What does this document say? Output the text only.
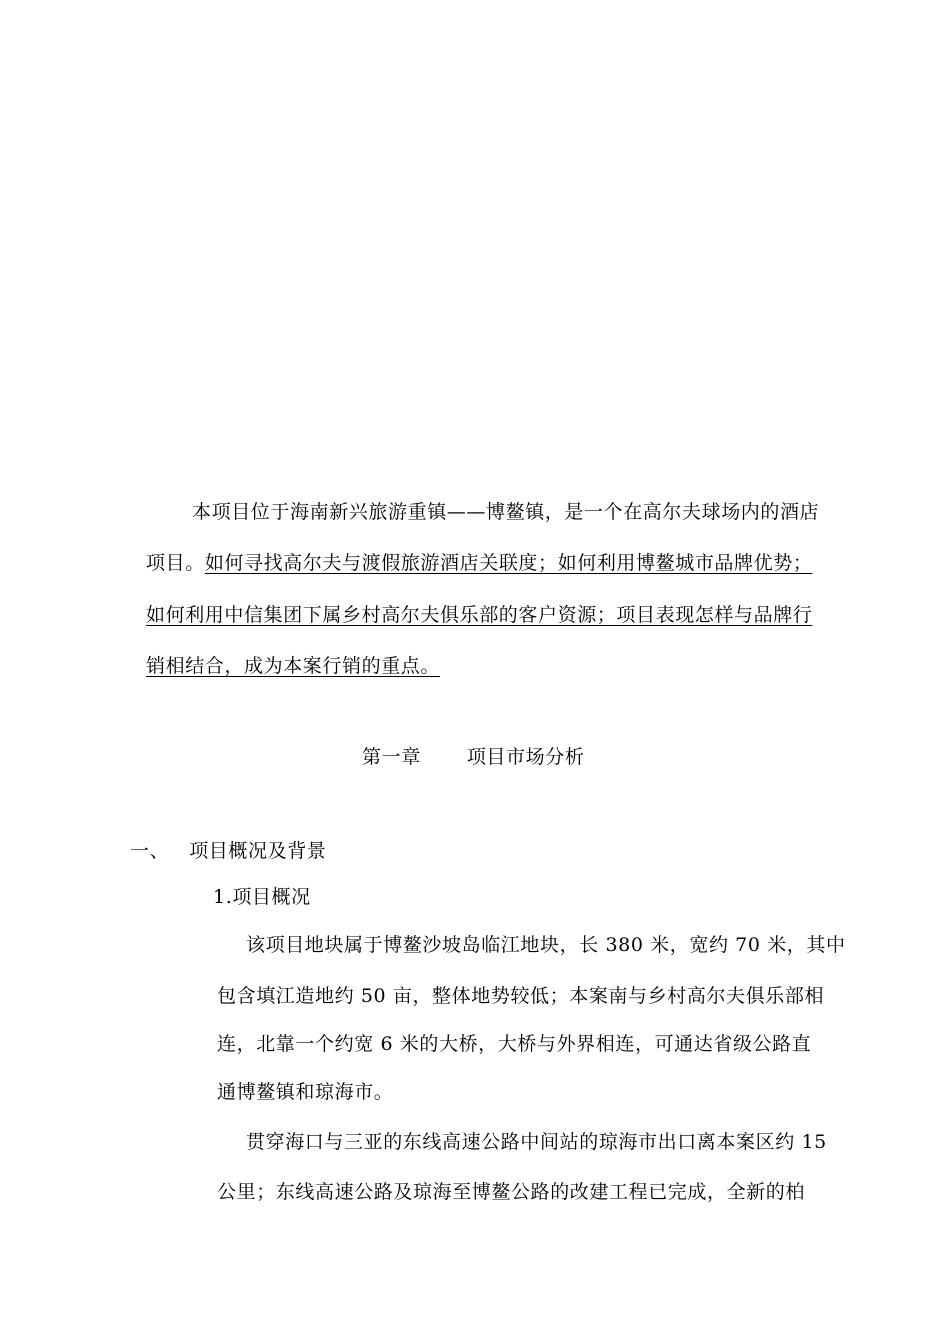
本项目位于海南新兴旅游重镇——博鳌镇，是一个在高尔夫球场内的酒店
项目。如何寻找高尔夫与渡假旅游酒店关联度；如何利用博鳌城市品牌优势；
如何利用中信集团下属乡村高尔夫俱乐部的客户资源；项目表现怎样与品牌行
销相结合，成为本案行销的重点。
第一章 项目市场分析
一、 项目概况及背景
1.项目概况
该项目地块属于博鳌沙坡岛临江地块，长 380 米，宽约 70 米，其中
包含填江造地约 50 亩，整体地势较低；本案南与乡村高尔夫俱乐部相
连，北靠一个约宽 6 米的大桥，大桥与外界相连，可通达省级公路直
通博鳌镇和琼海市。
贯穿海口与三亚的东线高速公路中间站的琼海市出口离本案区约 15
公里；东线高速公路及琼海至博鳌公路的改建工程已完成，全新的柏
